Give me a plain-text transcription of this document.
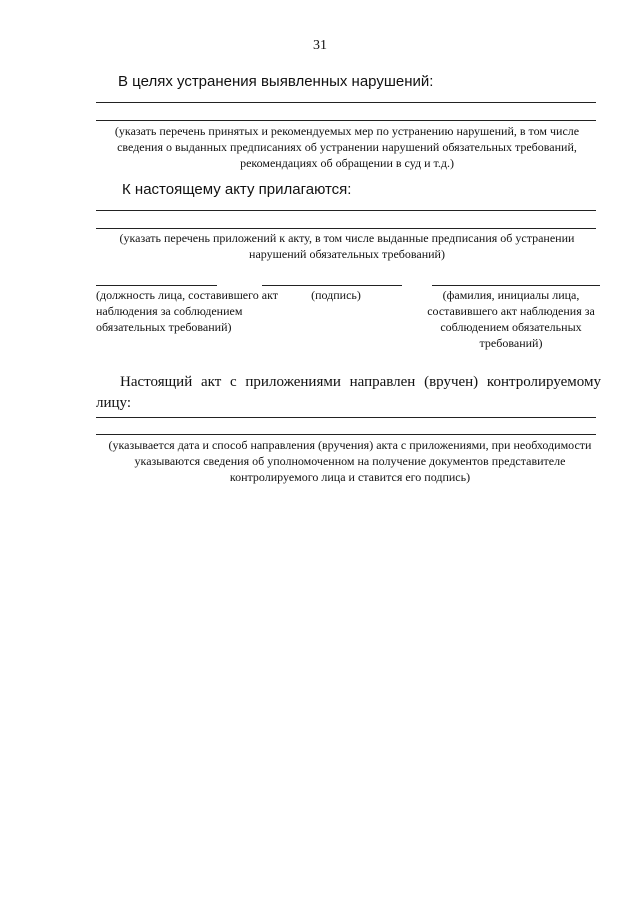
31
В целях устранения выявленных нарушений:
(указать перечень принятых и рекомендуемых мер по устранению нарушений, в том числе сведения о выданных предписаниях об устранении нарушений обязательных требований, рекомендациях об обращении в суд и т.д.)
К настоящему акту прилагаются:
(указать перечень приложений к акту, в том числе выданные предписания об устранении нарушений обязательных требований)
(должность лица, составившего акт наблюдения за соблюдением обязательных требований)
(подпись)	(фамилия, инициалы лица, составившего акт наблюдения за соблюдением обязательных требований)
Настоящий акт с приложениями направлен (вручен) контролируемому
лицу:
(указывается дата и способ направления (вручения) акта с приложениями, при необходимости указываются сведения об уполномоченном на получение документов представителе контролируемого лица и ставится его подпись)
